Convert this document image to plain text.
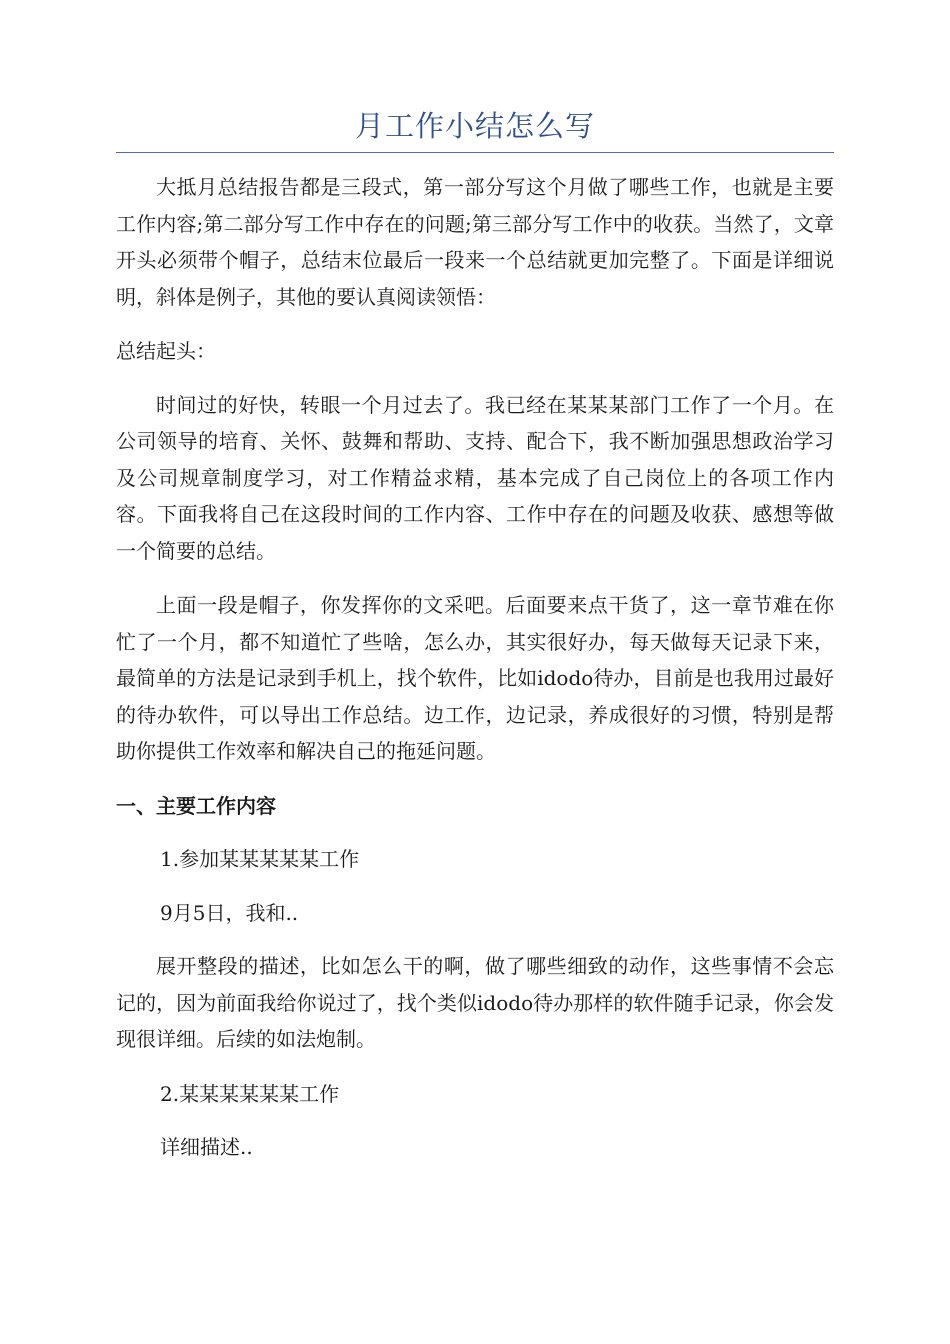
月工作小结怎么写

大抵月总结报告都是三段式，第一部分写这个月做了哪些工作，也就是主要工作内容;第二部分写工作中存在的问题;第三部分写工作中的收获。当然了，文章开头必须带个帽子，总结末位最后一段来一个总结就更加完整了。下面是详细说明，斜体是例子，其他的要认真阅读领悟：

总结起头：

时间过的好快，转眼一个月过去了。我已经在某某某部门工作了一个月。在公司领导的培育、关怀、鼓舞和帮助、支持、配合下，我不断加强思想政治学习及公司规章制度学习，对工作精益求精，基本完成了自己岗位上的各项工作内容。下面我将自己在这段时间的工作内容、工作中存在的问题及收获、感想等做一个简要的总结。

上面一段是帽子，你发挥你的文采吧。后面要来点干货了，这一章节难在你忙了一个月，都不知道忙了些啥，怎么办，其实很好办，每天做每天记录下来，最简单的方法是记录到手机上，找个软件，比如idodo待办，目前是也我用过最好的待办软件，可以导出工作总结。边工作，边记录，养成很好的习惯，特别是帮助你提供工作效率和解决自己的拖延问题。

一、主要工作内容

1.参加某某某某某工作

9月5日，我和..

展开整段的描述，比如怎么干的啊，做了哪些细致的动作，这些事情不会忘记的，因为前面我给你说过了，找个类似idodo待办那样的软件随手记录，你会发现很详细。后续的如法炮制。

2.某某某某某某工作

详细描述..
